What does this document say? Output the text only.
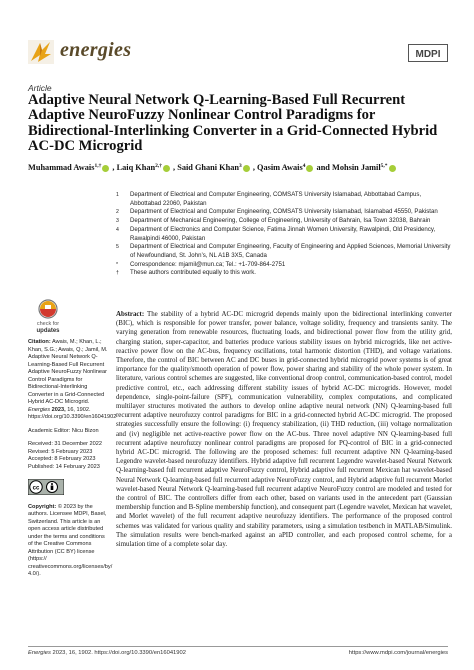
energies	MDPI
Article
Adaptive Neural Network Q-Learning-Based Full Recurrent Adaptive NeuroFuzzy Nonlinear Control Paradigms for Bidirectional-Interlinking Converter in a Grid-Connected Hybrid AC-DC Microgrid
Muhammad Awais$^{1,\dagger}$ , Laiq Khan$^{2,\dagger}$ , Said Ghani Khan$^3$ , Qasim Awais$^4$ and Mohsin Jamil$^{5,*}$
1 Department of Electrical and Computer Engineering, COMSATS University Islamabad, Abbottabad Campus, Abbottabad 22060, Pakistan
2 Department of Electrical and Computer Engineering, COMSATS University Islamabad, Islamabad 45550, Pakistan
3 Department of Mechanical Engineering, College of Engineering, University of Bahrain, Isa Town 32038, Bahrain
4 Department of Electronics and Computer Science, Fatima Jinnah Women University, Rawalpindi, Old Presidency, Rawalpindi 46000, Pakistan
5 Department of Electrical and Computer Engineering, Faculty of Engineering and Applied Sciences, Memorial University of Newfoundland, St. John’s, NL A1B 3X5, Canada
* Correspondence: mjamil@mun.ca; Tel.: +1-709-864-2751
† These authors contributed equally to this work.
Abstract: The stability of a hybrid AC-DC microgrid depends mainly upon the bidirectional interlinking converter (BIC), which is responsible for power transfer, power balance, voltage solidity, frequency and transients sanity. The varying generation from renewable resources, fluctuating loads, and bidirectional power flow from the utility grid, charging station, super-capacitor, and batteries produce various stability issues on hybrid microgrids, like net active-reactive power flow on the AC-bus, frequency oscillations, total harmonic distortion (THD), and voltage variations. Therefore, the control of BIC between AC and DC buses in grid-connected hybrid microgrid power systems is of great importance for the quality/smooth operation of power flow, power sharing and stability of the whole power system. In literature, various control schemes are suggested, like conventional droop control, communication-based control, model predictive control, etc., each addressing different stability issues of hybrid AC-DC microgrids. However, model dependence, single-point-failure (SPF), communication vulnerability, complex computations, and complicated multilayer structures motivated the authors to develop online adaptive neural network (NN) Q-learning-based full recurrent adaptive neurofuzzy control paradigms for BIC in a grid-connected hybrid AC-DC microgrid. The proposed strategies successfully ensure the following: (i) frequency stabilization, (ii) THD reduction, (iii) voltage normalization and (iv) negligible net active-reactive power flow on the AC-bus. Three novel adaptive NN Q-learning-based full recurrent adaptive neurofuzzy nonlinear control paradigms are proposed for PQ-control of BIC in a grid-connected hybrid AC-DC microgrid. The following are the proposed schemes: full recurrent adaptive NN Q-learning-based Legendre wavelet-based neurofuzzy identifiers. Hybrid adaptive full recurrent Legendre wavelet-based Neural Network Q-learning-based full recurrent adaptive NeuroFuzzy control, Hybrid adaptive full recurrent Mexican hat wavelet-based Neural Network Q-learning-based full recurrent adaptive NeuroFuzzy control, and Hybrid adaptive full recurrent Morlet wavelet-based Neural Network Q-learning-based full recurrent adaptive NeuroFuzzy control are modeled and tested for the control of BIC. The controllers differ from each other, based on variants used in the antecedent part (Gaussian membership function and B-Spline membership function), and consequent part (Legendre wavelet, Mexican hat wavelet, and Morlet wavelet) of the full recurrent adaptive neurofuzzy identifiers. The performance of the proposed control schemes was validated for various quality and stability parameters, using a simulation testbench in MATLAB/Simulink. The simulation results were bench-marked against an aPID controller, and each proposed control scheme, for a simulation time of a complete solar day.
check for
updates
Citation: Awais, M.; Khan, L.; Khan, S.G.; Awais, Q.; Jamil, M. Adaptive Neural Network Q-Learning-Based Full Recurrent Adaptive NeuroFuzzy Nonlinear Control Paradigms for Bidirectional-Interlinking Converter in a Grid-Connected Hybrid AC-DC Microgrid. Energies 2023, 16, 1902. https://doi.org/10.3390/en16041902
Academic Editor: Nicu Bizon
Received: 31 December 2022
Revised: 5 February 2023
Accepted: 8 February 2023
Published: 14 February 2023
cc
Copyright: © 2023 by the authors. Licensee MDPI, Basel, Switzerland. This article is an open access article distributed under the terms and conditions of the Creative Commons Attribution (CC BY) license (https:// creativecommons.org/licenses/by/ 4.0/).
Energies 2023, 16, 1902. https://doi.org/10.3390/en16041902	https://www.mdpi.com/journal/energies
